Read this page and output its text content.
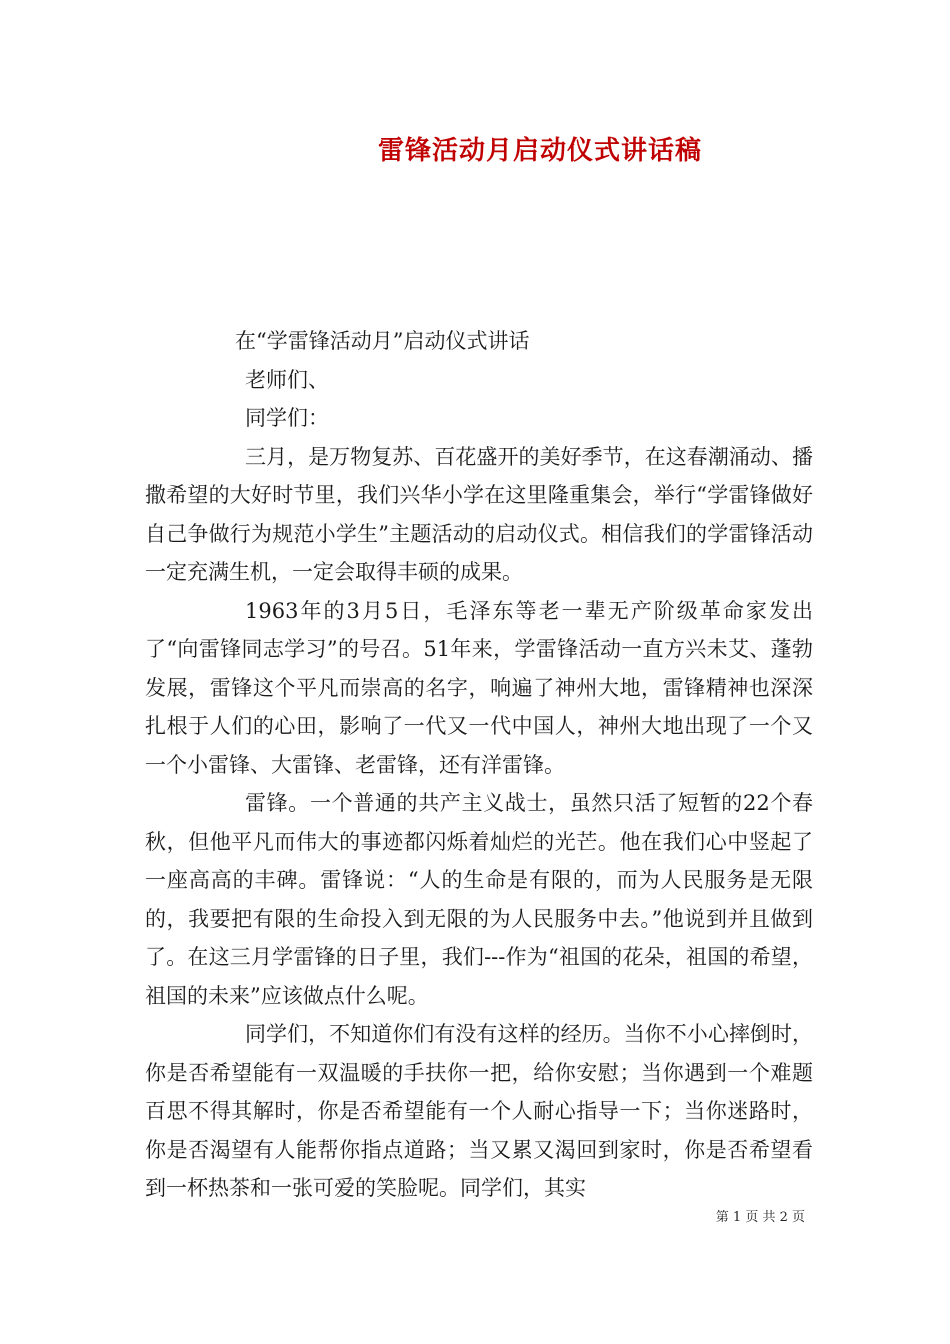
雷锋活动月启动仪式讲话稿

在“学雷锋活动月”启动仪式讲话

老师们、

同学们：

三月，是万物复苏、百花盛开的美好季节，在这春潮涌动、播撒希望的大好时节里，我们兴华小学在这里隆重集会，举行“学雷锋做好自己争做行为规范小学生”主题活动的启动仪式。相信我们的学雷锋活动一定充满生机，一定会取得丰硕的成果。

1963年的3月5日，毛泽东等老一辈无产阶级革命家发出了“向雷锋同志学习”的号召。51年来，学雷锋活动一直方兴未艾、蓬勃发展，雷锋这个平凡而崇高的名字，响遍了神州大地，雷锋精神也深深扎根于人们的心田，影响了一代又一代中国人，神州大地出现了一个又一个小雷锋、大雷锋、老雷锋，还有洋雷锋。

雷锋。一个普通的共产主义战士，虽然只活了短暂的22个春秋，但他平凡而伟大的事迹都闪烁着灿烂的光芒。他在我们心中竖起了一座高高的丰碑。雷锋说：“人的生命是有限的，而为人民服务是无限的，我要把有限的生命投入到无限的为人民服务中去。”他说到并且做到了。在这三月学雷锋的日子里，我们---作为“祖国的花朵，祖国的希望，祖国的未来”应该做点什么呢。

同学们，不知道你们有没有这样的经历。当你不小心摔倒时，你是否希望能有一双温暖的手扶你一把，给你安慰；当你遇到一个难题百思不得其解时，你是否希望能有一个人耐心指导一下；当你迷路时，你是否渴望有人能帮你指点道路；当又累又渴回到家时，你是否希望看到一杯热茶和一张可爱的笑脸呢。同学们，其实

第 1 页 共 2 页
